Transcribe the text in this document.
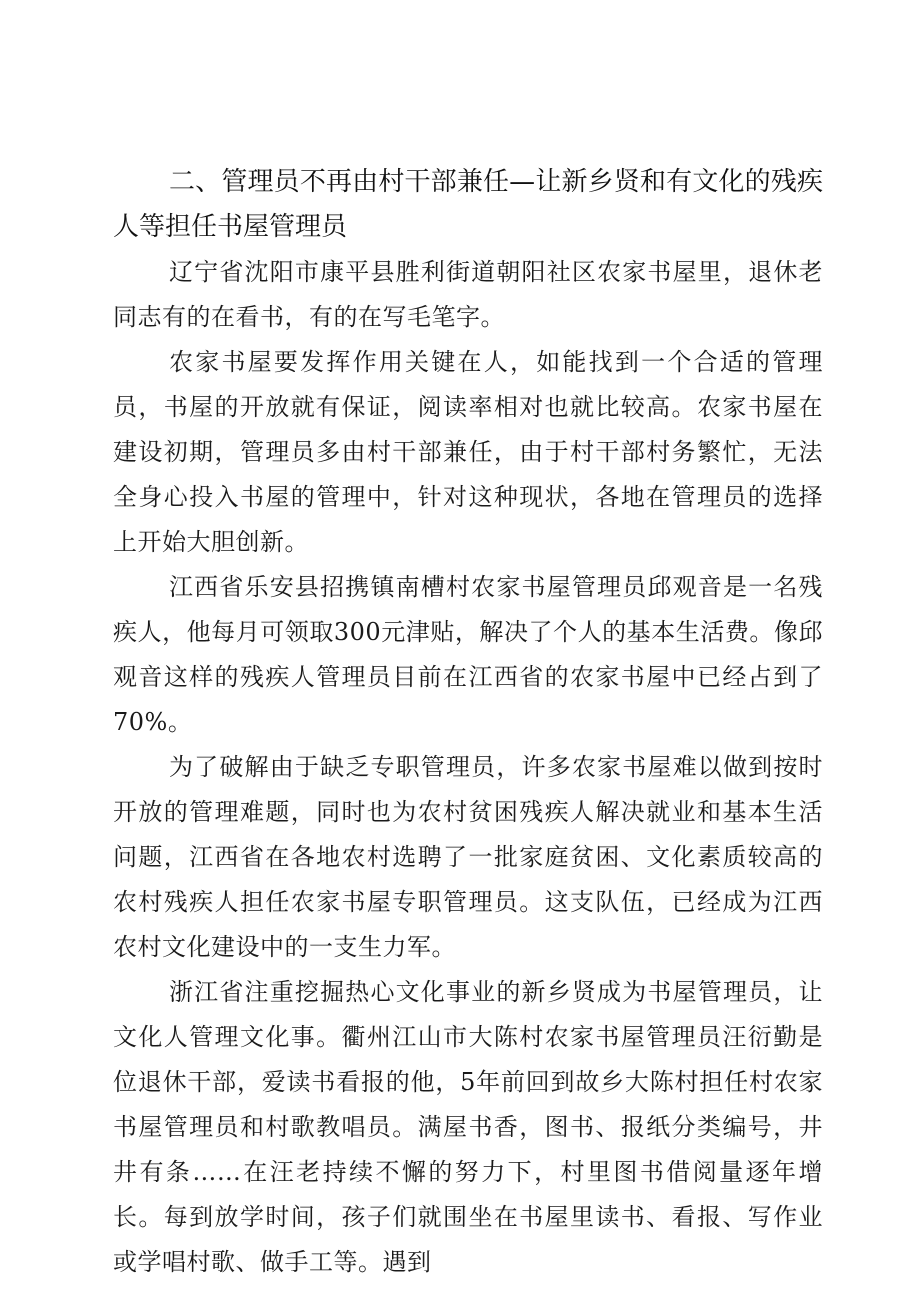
二、管理员不再由村干部兼任—让新乡贤和有文化的残疾人等担任书屋管理员

辽宁省沈阳市康平县胜利街道朝阳社区农家书屋里，退休老同志有的在看书，有的在写毛笔字。

农家书屋要发挥作用关键在人，如能找到一个合适的管理员，书屋的开放就有保证，阅读率相对也就比较高。农家书屋在建设初期，管理员多由村干部兼任，由于村干部村务繁忙，无法全身心投入书屋的管理中，针对这种现状，各地在管理员的选择上开始大胆创新。

江西省乐安县招携镇南槽村农家书屋管理员邱观音是一名残疾人，他每月可领取300元津贴，解决了个人的基本生活费。像邱观音这样的残疾人管理员目前在江西省的农家书屋中已经占到了70%。

为了破解由于缺乏专职管理员，许多农家书屋难以做到按时开放的管理难题，同时也为农村贫困残疾人解决就业和基本生活问题，江西省在各地农村选聘了一批家庭贫困、文化素质较高的农村残疾人担任农家书屋专职管理员。这支队伍，已经成为江西农村文化建设中的一支生力军。

浙江省注重挖掘热心文化事业的新乡贤成为书屋管理员，让文化人管理文化事。衢州江山市大陈村农家书屋管理员汪衍勤是位退休干部，爱读书看报的他，5年前回到故乡大陈村担任村农家书屋管理员和村歌教唱员。满屋书香，图书、报纸分类编号，井井有条……在汪老持续不懈的努力下，村里图书借阅量逐年增长。每到放学时间，孩子们就围坐在书屋里读书、看报、写作业或学唱村歌、做手工等。遇到
